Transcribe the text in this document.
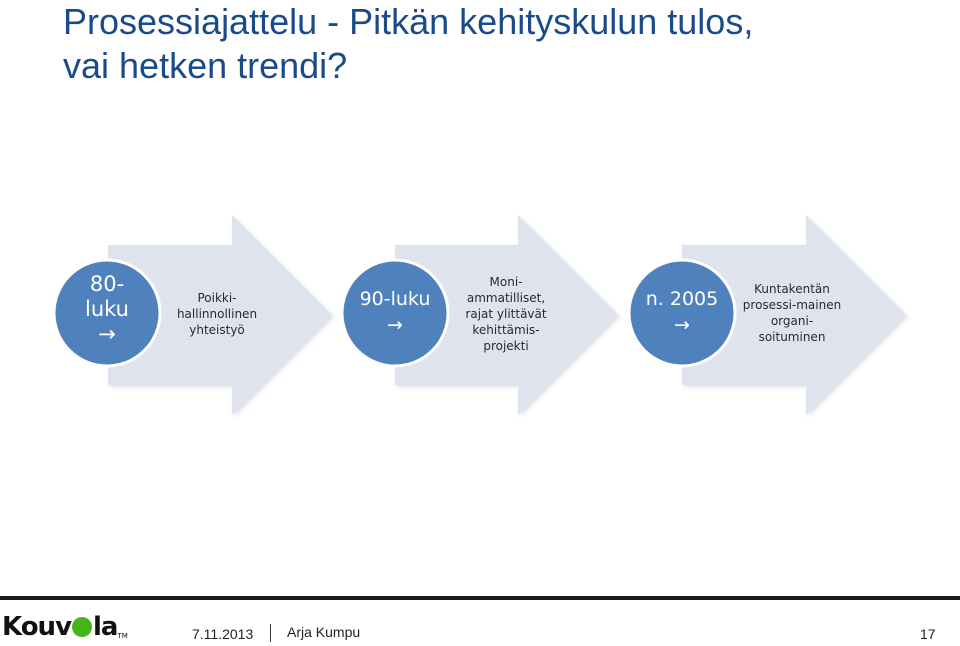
Prosessiajattelu - Pitkän kehityskulun tulos,
vai hetken trendi?
80-
luku
→
90-luku
→
n. 2005
→
Poikki-
hallinnollinen
yhteistyö
Moni-
ammatilliset,
rajat ylittävät
kehittämis-
projekti
Kuntakentän
prosessi-mainen
organi-
soituminen
Kouv laTM	7.11.2013 Arja Kumpu	17
